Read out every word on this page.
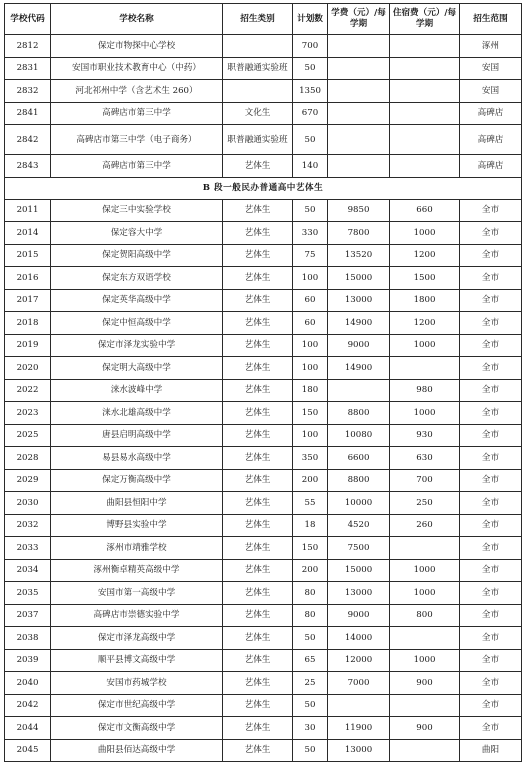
学校代码	学校名称	招生类别	计划数	学费（元）/每学期	住宿费（元）/每学期	招生范围
2812	保定市物探中心学校		700			涿州
2831	安国市职业技术教育中心（中药）	职普融通实验班	50			安国
2832	河北祁州中学（含艺术生 260）		1350			安国
2841	高碑店市第三中学	文化生	670			高碑店
2842	高碑店市第三中学（电子商务）	职普融通实验班	50			高碑店
2843	高碑店市第三中学	艺体生	140			高碑店
B 段一般民办普通高中艺体生						
2011	保定三中实验学校	艺体生	50	9850	660	全市
2014	保定容大中学	艺体生	330	7800	1000	全市
2015	保定贺阳高级中学	艺体生	75	13520	1200	全市
2016	保定东方双语学校	艺体生	100	15000	1500	全市
2017	保定英华高级中学	艺体生	60	13000	1800	全市
2018	保定中恒高级中学	艺体生	60	14900	1200	全市
2019	保定市泽龙实验中学	艺体生	100	9000	1000	全市
2020	保定明大高级中学	艺体生	100	14900		全市
2022	涞水波峰中学	艺体生	180		980	全市
2023	涞水北雄高级中学	艺体生	150	8800	1000	全市
2025	唐县启明高级中学	艺体生	100	10080	930	全市
2028	易县易水高级中学	艺体生	350	6600	630	全市
2029	保定万衡高级中学	艺体生	200	8800	700	全市
2030	曲阳县恒阳中学	艺体生	55	10000	250	全市
2032	博野县实验中学	艺体生	18	4520	260	全市
2033	涿州市靖雅学校	艺体生	150	7500		全市
2034	涿州衡卓精英高级中学	艺体生	200	15000	1000	全市
2035	安国市第一高级中学	艺体生	80	13000	1000	全市
2037	高碑店市崇德实验中学	艺体生	80	9000	800	全市
2038	保定市泽龙高级中学	艺体生	50	14000		全市
2039	顺平县博文高级中学	艺体生	65	12000	1000	全市
2040	安国市药城学校	艺体生	25	7000	900	全市
2042	保定市世纪高级中学	艺体生	50			全市
2044	保定市文衡高级中学	艺体生	30	11900	900	全市
2045	曲阳县佰达高级中学	艺体生	50	13000		曲阳
